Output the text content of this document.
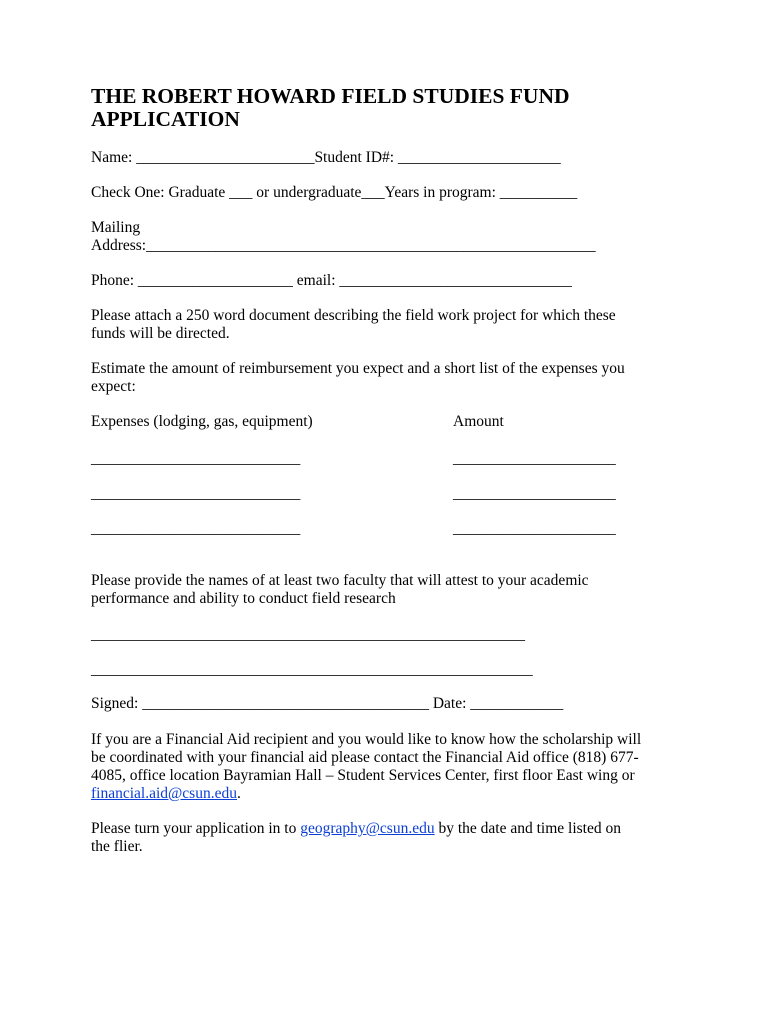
THE ROBERT HOWARD FIELD STUDIES FUND
APPLICATION
Name: _______________________Student ID#: _____________________
Check One: Graduate ___ or undergraduate___Years in program: __________
Mailing
Address:__________________________________________________________
Phone: ____________________ email: ______________________________
Please attach a 250 word document describing the field work project for which these
funds will be directed.
Estimate the amount of reimbursement you expect and a short list of the expenses you
expect:
Expenses (lodging, gas, equipment)	Amount
___________________________	_____________________
___________________________	_____________________
___________________________	_____________________
Please provide the names of at least two faculty that will attest to your academic
performance and ability to conduct field research
________________________________________________________
_________________________________________________________
Signed: _____________________________________ Date: ____________
If you are a Financial Aid recipient and you would like to know how the scholarship will
be coordinated with your financial aid please contact the Financial Aid office (818) 677-
4085, office location Bayramian Hall – Student Services Center, first floor East wing or
financial.aid@csun.edu.
Please turn your application in to geography@csun.edu by the date and time listed on
the flier.
